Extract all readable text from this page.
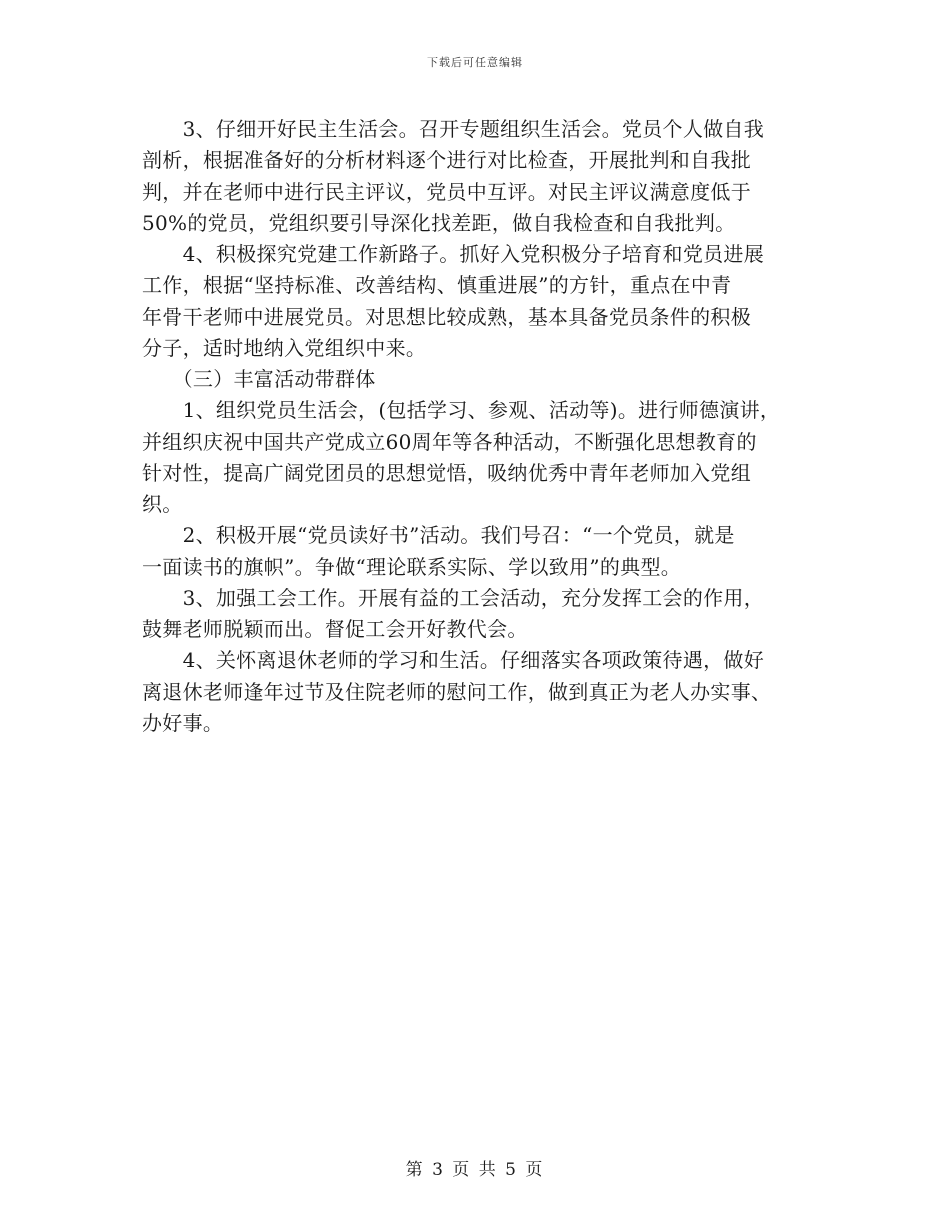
下载后可任意编辑
　　3、仔细开好民主生活会。召开专题组织生活会。党员个人做自我
剖析，根据准备好的分析材料逐个进行对比检查，开展批判和自我批
判，并在老师中进行民主评议，党员中互评。对民主评议满意度低于
50%的党员，党组织要引导深化找差距，做自我检查和自我批判。
　　4、积极探究党建工作新路子。抓好入党积极分子培育和党员进展
工作，根据“坚持标准、改善结构、慎重进展”的方针，重点在中青
年骨干老师中进展党员。对思想比较成熟，基本具备党员条件的积极
分子，适时地纳入党组织中来。
　　（三）丰富活动带群体
　　1、组织党员生活会，(包括学习、参观、活动等)。进行师德演讲，
并组织庆祝中国共产党成立60周年等各种活动，不断强化思想教育的
针对性，提高广阔党团员的思想觉悟，吸纳优秀中青年老师加入党组
织。
　　2、积极开展“党员读好书”活动。我们号召：“一个党员，就是
一面读书的旗帜”。争做“理论联系实际、学以致用”的典型。
　　3、加强工会工作。开展有益的工会活动，充分发挥工会的作用，
鼓舞老师脱颖而出。督促工会开好教代会。
　　4、关怀离退休老师的学习和生活。仔细落实各项政策待遇，做好
离退休老师逢年过节及住院老师的慰问工作，做到真正为老人办实事、
办好事。
第 3 页 共 5 页
